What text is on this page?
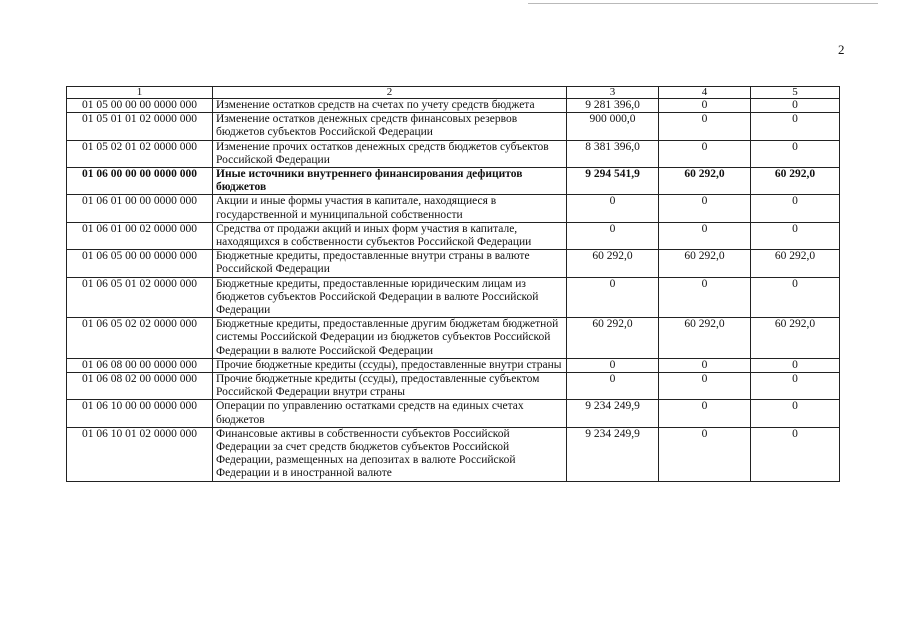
2
1	2	3	4	5
01 05 00 00 00 0000 000	Изменение остатков средств на счетах по учету средств бюджета	9 281 396,0	0	0
01 05 01 01 02 0000 000	Изменение остатков денежных средств финансовых резервов бюджетов субъектов Российской Федерации	900 000,0	0	0
01 05 02 01 02 0000 000	Изменение прочих остатков денежных средств бюджетов субъектов Российской Федерации	8 381 396,0	0	0
01 06 00 00 00 0000 000	Иные источники внутреннего финансирования дефицитов бюджетов	9 294 541,9	60 292,0	60 292,0
01 06 01 00 00 0000 000	Акции и иные формы участия в капитале, находящиеся в государственной и муниципальной собственности	0	0	0
01 06 01 00 02 0000 000	Средства от продажи акций и иных форм участия в капитале, находящихся в собственности субъектов Российской Федерации	0	0	0
01 06 05 00 00 0000 000	Бюджетные кредиты, предоставленные внутри страны в валюте Российской Федерации	60 292,0	60 292,0	60 292,0
01 06 05 01 02 0000 000	Бюджетные кредиты, предоставленные юридическим лицам из бюджетов субъектов Российской Федерации в валюте Российской Федерации	0	0	0
01 06 05 02 02 0000 000	Бюджетные кредиты, предоставленные другим бюджетам бюджетной системы Российской Федерации из бюджетов субъектов Российской Федерации в валюте Российской Федерации	60 292,0	60 292,0	60 292,0
01 06 08 00 00 0000 000	Прочие бюджетные кредиты (ссуды), предоставленные внутри страны	0	0	0
01 06 08 02 00 0000 000	Прочие бюджетные кредиты (ссуды), предоставленные субъектом Российской Федерации внутри страны	0	0	0
01 06 10 00 00 0000 000	Операции по управлению остатками средств на единых счетах бюджетов	9 234 249,9	0	0
01 06 10 01 02 0000 000	Финансовые активы в собственности субъектов Российской Федерации за счет средств бюджетов субъектов Российской Федерации, размещенных на депозитах в валюте Российской Федерации и в иностранной валюте	9 234 249,9	0	0
